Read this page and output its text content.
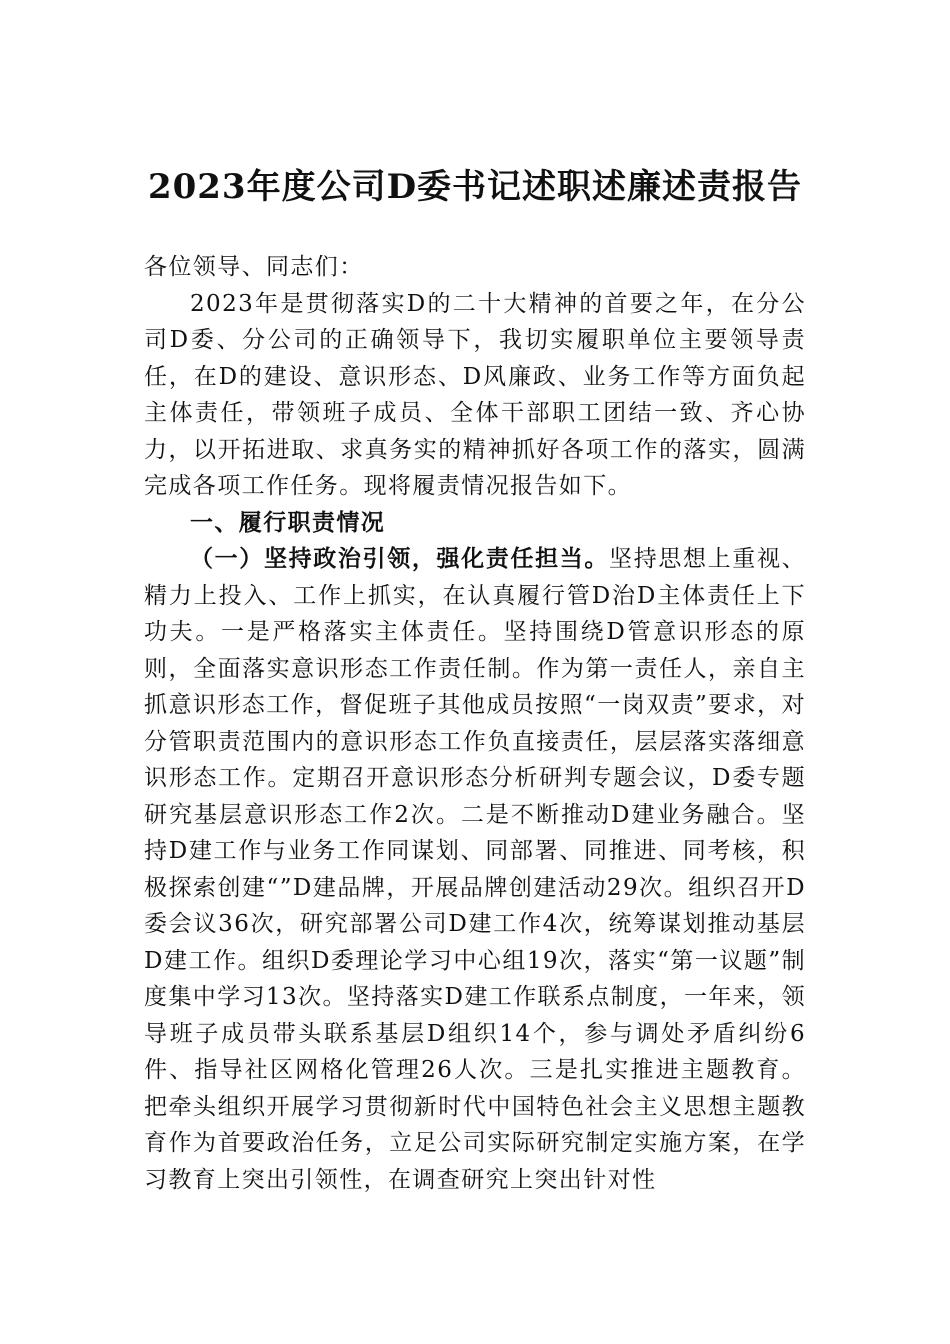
2023年度公司D委书记述职述廉述责报告

各位领导、同志们：

2023年是贯彻落实D的二十大精神的首要之年，在分公司D委、分公司的正确领导下，我切实履职单位主要领导责任，在D的建设、意识形态、D风廉政、业务工作等方面负起主体责任，带领班子成员、全体干部职工团结一致、齐心协力，以开拓进取、求真务实的精神抓好各项工作的落实，圆满完成各项工作任务。现将履责情况报告如下。

一、履行职责情况

（一）坚持政治引领，强化责任担当。坚持思想上重视、精力上投入、工作上抓实，在认真履行管D治D主体责任上下功夫。一是严格落实主体责任。坚持围绕D管意识形态的原则，全面落实意识形态工作责任制。作为第一责任人，亲自主抓意识形态工作，督促班子其他成员按照“一岗双责”要求，对分管职责范围内的意识形态工作负直接责任，层层落实落细意识形态工作。定期召开意识形态分析研判专题会议，D委专题研究基层意识形态工作2次。二是不断推动D建业务融合。坚持D建工作与业务工作同谋划、同部署、同推进、同考核，积极探索创建“”D建品牌，开展品牌创建活动29次。组织召开D委会议36次，研究部署公司D建工作4次，统筹谋划推动基层D建工作。组织D委理论学习中心组19次，落实“第一议题”制度集中学习13次。坚持落实D建工作联系点制度，一年来，领导班子成员带头联系基层D组织14个，参与调处矛盾纠纷6件、指导社区网格化管理26人次。三是扎实推进主题教育。把牵头组织开展学习贯彻新时代中国特色社会主义思想主题教育作为首要政治任务，立足公司实际研究制定实施方案，在学习教育上突出引领性，在调查研究上突出针对性
